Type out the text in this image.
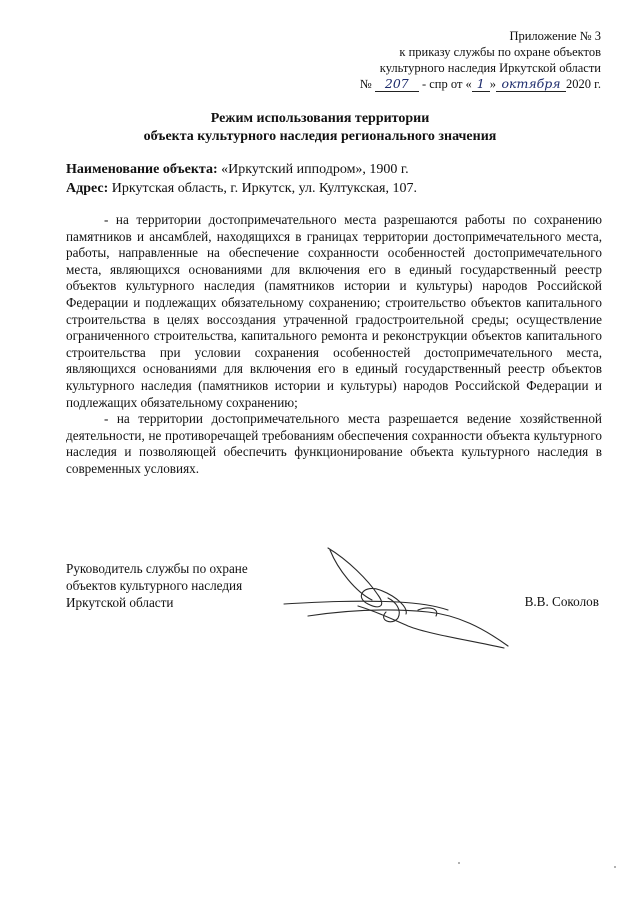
Приложение № 3
к приказу службы по охране объектов
культурного наследия Иркутской области
№ 207 - спр от « 1 » октября 2020 г.
Режим использования территории
объекта культурного наследия регионального значения
Наименование объекта: «Иркутский ипподром», 1900 г.
Адрес: Иркутская область, г. Иркутск, ул. Култукская, 107.

- на территории достопримечательного места разрешаются работы по сохранению памятников и ансамблей, находящихся в границах территории достопримечательного места, работы, направленные на обеспечение сохранности особенностей достопримечательного места, являющихся основаниями для включения его в единый государственный реестр объектов культурного наследия (памятников истории и культуры) народов Российской Федерации и подлежащих обязательному сохранению; строительство объектов капитального строительства в целях воссоздания утраченной градостроительной среды; осуществление ограниченного строительства, капитального ремонта и реконструкции объектов капитального строительства при условии сохранения особенностей достопримечательного места, являющихся основаниями для включения его в единый государственный реестр объектов культурного наследия (памятников истории и культуры) народов Российской Федерации и подлежащих обязательному сохранению;

- на территории достопримечательного места разрешается ведение хозяйственной деятельности, не противоречащей требованиям обеспечения сохранности объекта культурного наследия и позволяющей обеспечить функционирование объекта культурного наследия в современных условиях.

Руководитель службы по охране
объектов культурного наследия
Иркутской области	В.В. Соколов
